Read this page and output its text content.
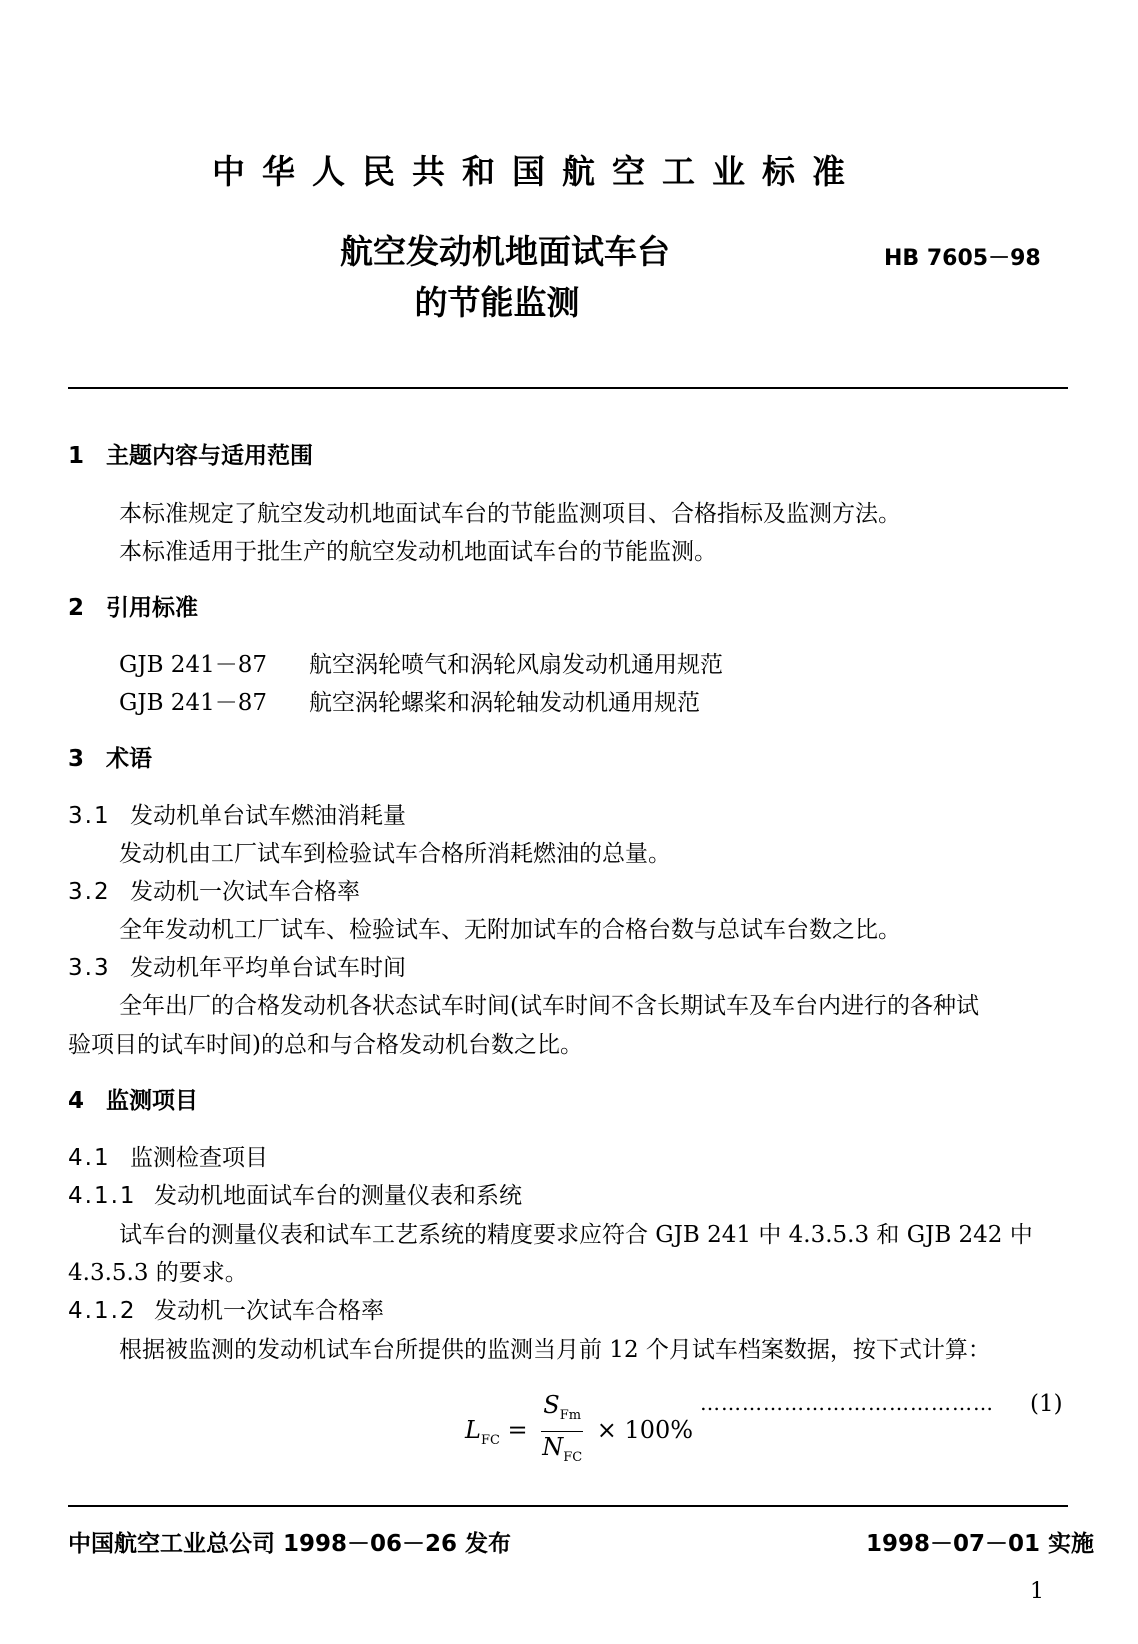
中华人民共和国航空工业标准
航空发动机地面试车台
的节能监测
HB 7605－98
1 主题内容与适用范围
本标准规定了航空发动机地面试车台的节能监测项目、合格指标及监测方法。
本标准适用于批生产的航空发动机地面试车台的节能监测。
2 引用标准
GJB 241－87 航空涡轮喷气和涡轮风扇发动机通用规范
GJB 241－87 航空涡轮螺桨和涡轮轴发动机通用规范
3 术语
3.1 发动机单台试车燃油消耗量
发动机由工厂试车到检验试车合格所消耗燃油的总量。
3.2 发动机一次试车合格率
全年发动机工厂试车、检验试车、无附加试车的合格台数与总试车台数之比。
3.3 发动机年平均单台试车时间
全年出厂的合格发动机各状态试车时间(试车时间不含长期试车及车台内进行的各种试
验项目的试车时间)的总和与合格发动机台数之比。
4 监测项目
4.1 监测检查项目
4.1.1 发动机地面试车台的测量仪表和系统
试车台的测量仪表和试车工艺系统的精度要求应符合 GJB 241 中 4.3.5.3 和 GJB 242 中
4.3.5.3 的要求。
4.1.2 发动机一次试车合格率
根据被监测的发动机试车台所提供的监测当月前 12 个月试车档案数据，按下式计算：
$L_{FC} = \frac{S_{Fm}}{N_{FC}} \times 100\%$
…………………………………… (1)
中国航空工业总公司 1998－06－26 发布	1998－07－01 实施
1
